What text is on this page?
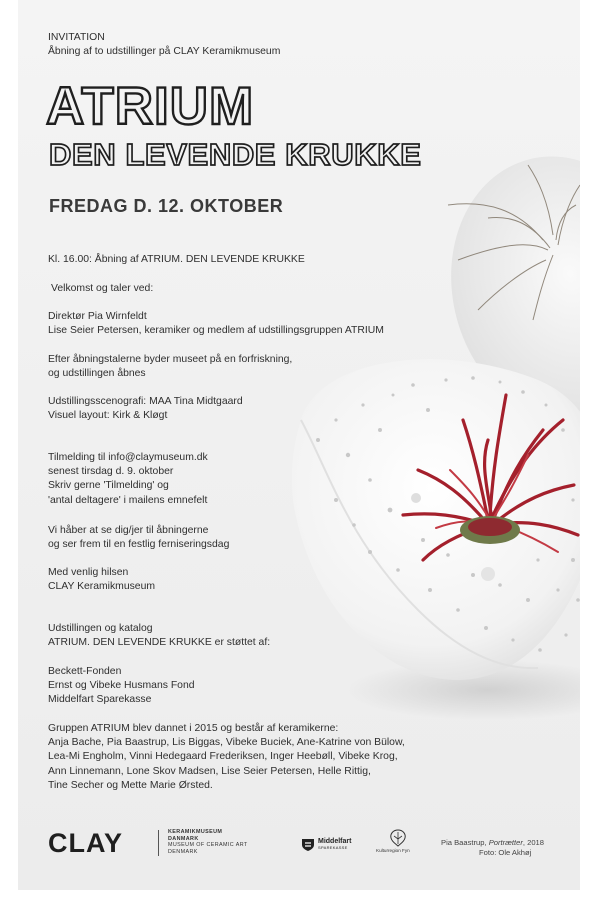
INVITATION

Åbning af to udstillinger på CLAY Keramikmuseum

ATRIUM
DEN LEVENDE KRUKKE
FREDAG D. 12. OKTOBER

Kl. 16.00: Åbning af ATRIUM. DEN LEVENDE KRUKKE

Velkomst og taler ved:

Direktør Pia Wirnfeldt

Lise Seier Petersen, keramiker og medlem af udstillingsgruppen ATRIUM

Efter åbningstalerne byder museet på en forfriskning,

og udstillingen åbnes

Udstillingsscenografi: MAA Tina Midtgaard

Visuel layout: Kirk & Kløgt

Tilmelding til info@claymuseum.dk

senest tirsdag d. 9. oktober

Skriv gerne 'Tilmelding' og

'antal deltagere' i mailens emnefelt

Vi håber at se dig/jer til åbningerne

og ser frem til en festlig ferniseringsdag

Med venlig hilsen

CLAY Keramikmuseum

Udstillingen og katalog

ATRIUM. DEN LEVENDE KRUKKE er støttet af:

Beckett-Fonden

Ernst og Vibeke Husmans Fond

Middelfart Sparekasse

Gruppen ATRIUM blev dannet i 2015 og består af keramikerne:

Anja Bache, Pia Baastrup, Lis Biggas, Vibeke Buciek, Ane-Katrine von Bülow,

Lea-Mi Engholm, Vinni Hedegaard Frederiksen, Inger Heebøll, Vibeke Krog,

Ann Linnemann, Lone Skov Madsen, Lise Seier Petersen, Helle Rittig,

Tine Secher og Mette Marie Ørsted.

CLAY	KERAMIKMUSEUM
DANMARK
MUSEUM OF CERAMIC ART
DENMARK
Middelfart
SPAREKASSE
Kulturregion Fyn
Pia Baastrup, Portrætter, 2018
Foto: Ole Akhøj
